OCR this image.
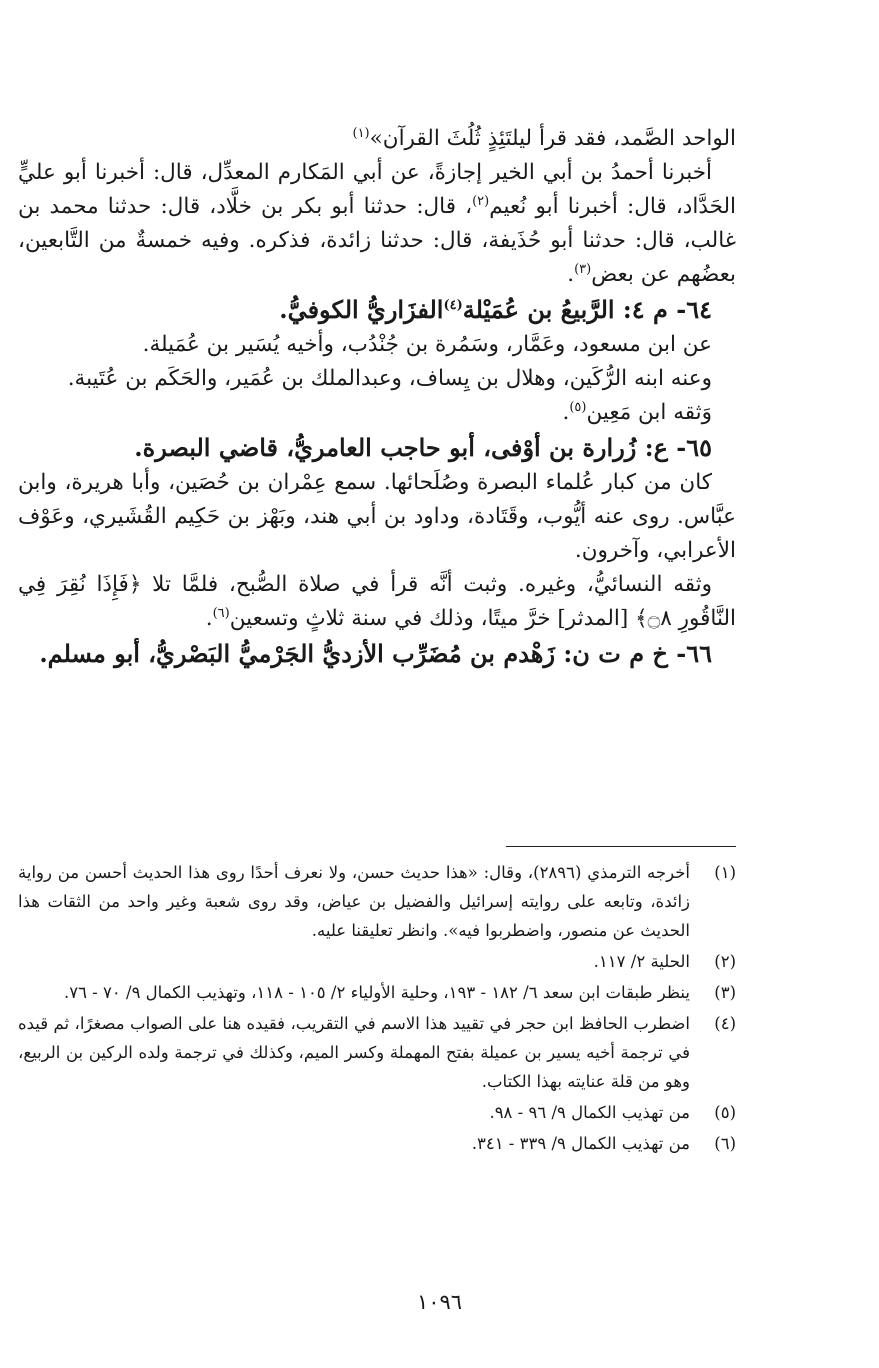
الواحد الصَّمد، فقد قرأ ليلتَئِذٍ ثُلُثَ القرآن»$^{(١)}$

أخبرنا أحمدُ بن أبي الخير إجازةً، عن أبي المَكارم المعدِّل، قال: أخبرنا أبو عليٍّ الحَدَّاد، قال: أخبرنا أبو نُعيم$^{(٢)}$، قال: حدثنا أبو بكر بن خلَّاد، قال: حدثنا محمد بن غالب، قال: حدثنا أبو حُذَيفة، قال: حدثنا زائدة، فذكره. وفيه خمسةٌ من التَّابعين، بعضُهم عن بعض$^{(٣)}$.

٦٤- م ٤: الرَّبيعُ بن عُمَيْلة$^{(٤)}$الفزَاريُّ الكوفيُّ.

عن ابن مسعود، وعَمَّار، وسَمُرة بن جُنْدُب، وأخيه يُسَير بن عُمَيلة.

وعنه ابنه الرُّكَين، وهلال بن يِساف، وعبدالملك بن عُمَير، والحَكَم بن عُتَيبة.

وَثقه ابن مَعِين$^{(٥)}$.

٦٥- ع: زُرارة بن أوْفى، أبو حاجب العامريُّ، قاضي البصرة.

كان من كبار عُلماء البصرة وصُلَحائها. سمع عِمْران بن حُصَين، وأبا هريرة، وابن عبَّاس. روى عنه أيُّوب، وقَتَادة، وداود بن أبي هند، وبَهْز بن حَكِيم القُشَيري، وعَوْف الأعرابي، وآخرون.

وثقه النسائيُّ، وغيره. وثبت أنَّه قرأ في صلاة الصُّبح، فلمَّا تلا ﴿فَإِذَا نُقِرَ فِي النَّاقُورِ ۝٨﴾ [المدثر] خرَّ ميتًا، وذلك في سنة ثلاثٍ وتسعين$^{(٦)}$.

٦٦- خ م ت ن: زَهْدم بن مُضَرِّب الأزديُّ الجَرْميُّ البَصْريُّ، أبو مسلم.

(١)
أخرجه الترمذي (٢٨٩٦)، وقال: «هذا حديث حسن، ولا نعرف أحدًا روى هذا الحديث أحسن من رواية زائدة، وتابعه على روايته إسرائيل والفضيل بن عياض، وقد روى شعبة وغير واحد من الثقات هذا الحديث عن منصور، واضطربوا فيه». وانظر تعليقنا عليه.

(٢)
الحلية ٢/ ١١٧.

(٣)
ينظر طبقات ابن سعد ٦/ ١٨٢ - ١٩٣، وحلية الأولياء ٢/ ١٠٥ - ١١٨، وتهذيب الكمال ٩/ ٧٠ - ٧٦.

(٤)
اضطرب الحافظ ابن حجر في تقييد هذا الاسم في التقريب، فقيده هنا على الصواب مصغرًا، ثم قيده في ترجمة أخيه يسير بن عميلة بفتح المهملة وكسر الميم، وكذلك في ترجمة ولده الركين بن الربيع، وهو من قلة عنايته بهذا الكتاب.

(٥)
من تهذيب الكمال ٩/ ٩٦ - ٩٨.

(٦)
من تهذيب الكمال ٩/ ٣٣٩ - ٣٤١.

١٠٩٦
